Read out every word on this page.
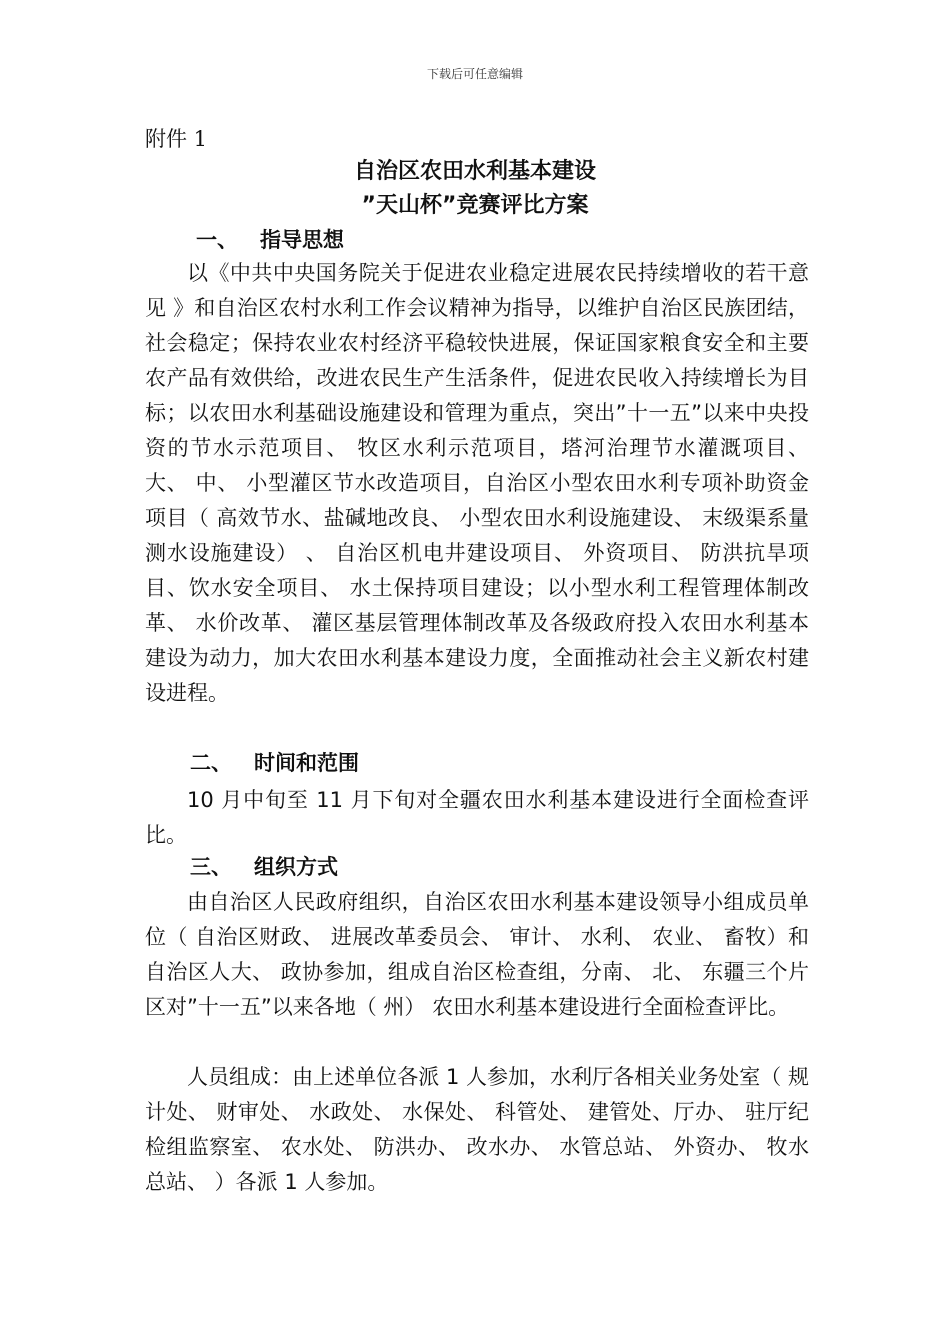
下载后可任意编辑
附件 1
自治区农田水利基本建设
”天山杯”竞赛评比方案
一、 指导思想
以《中共中央国务院关于促进农业稳定进展农民持续增收的若干意见 》和自治区农村水利工作会议精神为指导，以维护自治区民族团结，社会稳定；保持农业农村经济平稳较快进展，保证国家粮食安全和主要农产品有效供给，改进农民生产生活条件，促进农民收入持续增长为目标；以农田水利基础设施建设和管理为重点，突出”十一五”以来中央投资的节水示范项目、 牧区水利示范项目，塔河治理节水灌溉项目、 大、 中、 小型灌区节水改造项目，自治区小型农田水利专项补助资金项目（ 高效节水、盐碱地改良、 小型农田水利设施建设、 末级渠系量测水设施建设） 、 自治区机电井建设项目、 外资项目、 防洪抗旱项目、饮水安全项目、 水土保持项目建设；以小型水利工程管理体制改革、 水价改革、 灌区基层管理体制改革及各级政府投入农田水利基本建设为动力，加大农田水利基本建设力度，全面推动社会主义新农村建设进程。
二、 时间和范围
10 月中旬至 11 月下旬对全疆农田水利基本建设进行全面检查评比。
三、 组织方式
由自治区人民政府组织，自治区农田水利基本建设领导小组成员单位（ 自治区财政、 进展改革委员会、 审计、 水利、 农业、 畜牧）和自治区人大、 政协参加，组成自治区检查组，分南、 北、 东疆三个片区对”十一五”以来各地（ 州） 农田水利基本建设进行全面检查评比。
人员组成：由上述单位各派 1 人参加，水利厅各相关业务处室（ 规计处、 财审处、 水政处、 水保处、 科管处、 建管处、厅办、 驻厅纪检组监察室、 农水处、 防洪办、 改水办、 水管总站、 外资办、 牧水总站、 ）各派 1 人参加。
